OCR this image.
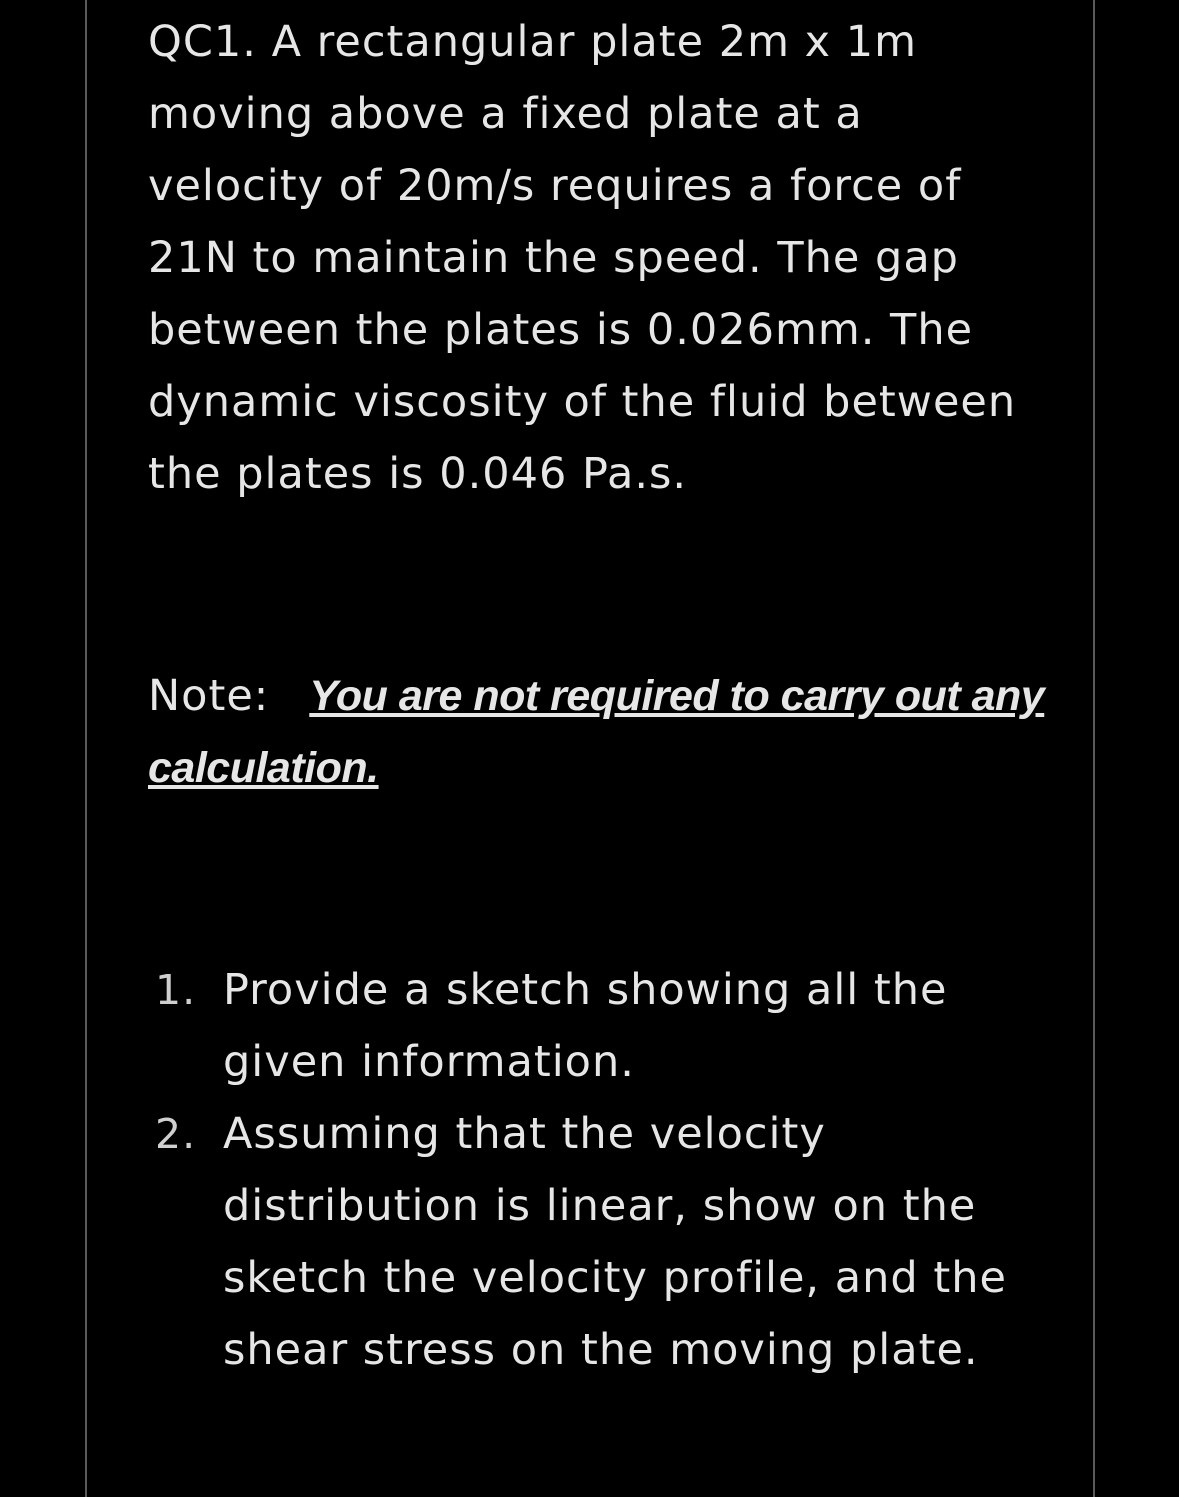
QC1. A rectangular plate 2m x 1m moving above a fixed plate at a velocity of 20m/s requires a force of 21N to maintain the speed. The gap between the plates is 0.026mm. The dynamic viscosity of the fluid between the plates is 0.046 Pa.s.

Note: You are not required to carry out any calculation.

1. Provide a sketch showing all the given information.
2. Assuming that the velocity distribution is linear, show on the sketch the velocity profile, and the shear stress on the moving plate.
